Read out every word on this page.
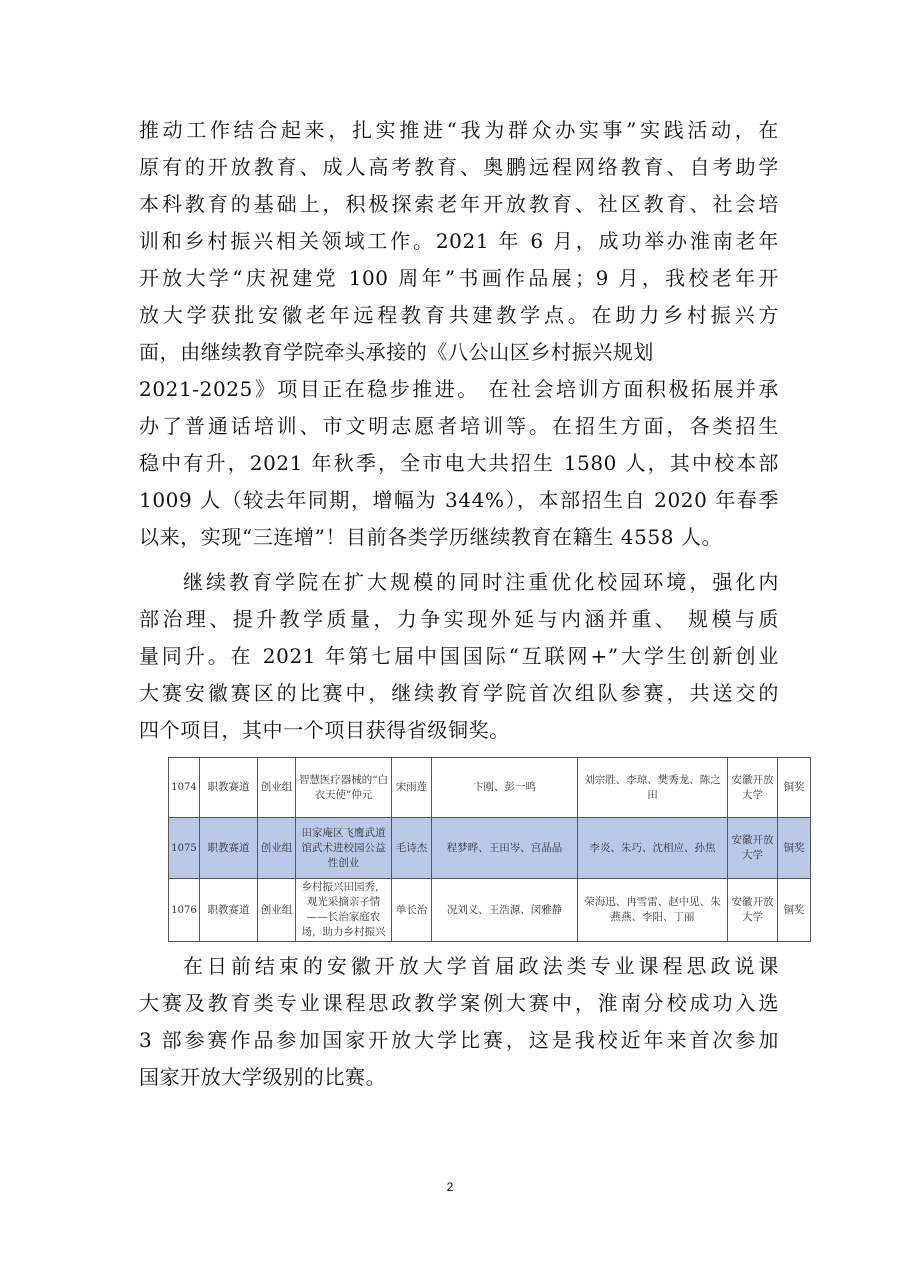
推动工作结合起来，扎实推进“我为群众办实事”实践活动，在
原有的开放教育、成人高考教育、奥鹏远程网络教育、自考助学
本科教育的基础上，积极探索老年开放教育、社区教育、社会培
训和乡村振兴相关领域工作。2021 年 6 月，成功举办淮南老年
开放大学“庆祝建党 100 周年”书画作品展；9 月，我校老年开
放大学获批安徽老年远程教育共建教学点。在助力乡村振兴方
面，由继续教育学院牵头承接的《八公山区乡村振兴规划
2021-2025》项目正在稳步推进。 在社会培训方面积极拓展并承
办了普通话培训、市文明志愿者培训等。在招生方面，各类招生
稳中有升，2021 年秋季，全市电大共招生 1580 人，其中校本部
1009 人（较去年同期，增幅为 344%），本部招生自 2020 年春季
以来，实现“三连增”！目前各类学历继续教育在籍生 4558 人。
继续教育学院在扩大规模的同时注重优化校园环境，强化内
部治理、提升教学质量，力争实现外延与内涵并重、 规模与质
量同升。在 2021 年第七届中国国际“互联网+”大学生创新创业
大赛安徽赛区的比赛中，继续教育学院首次组队参赛，共送交的
四个项目，其中一个项目获得省级铜奖。
1074	职教赛道	创业组	智慧医疗器械的“白衣天使”仲元	宋雨莲	卞刚、彭一鸣	刘宗胜、李琼、樊秀龙、陈之田	安徽开放大学	铜奖
1075	职教赛道	创业组	田家庵区飞鹰武道馆武术进校园公益性创业	毛诗杰	程梦晔、王田岑、宫晶晶	李炎、朱巧、沈相应、孙焦	安徽开放大学	铜奖
1076	职教赛道	创业组	乡村振兴田园秀，观光采摘亲子情——长治家庭农场，助力乡村振兴	单长治	况刘义、王浩源、闵雅静	荣海迅、冉雪雷、赵中见、朱燕燕、李阳、丁丽	安徽开放大学	铜奖
在日前结束的安徽开放大学首届政法类专业课程思政说课
大赛及教育类专业课程思政教学案例大赛中，淮南分校成功入选
3 部参赛作品参加国家开放大学比赛，这是我校近年来首次参加
国家开放大学级别的比赛。
2
